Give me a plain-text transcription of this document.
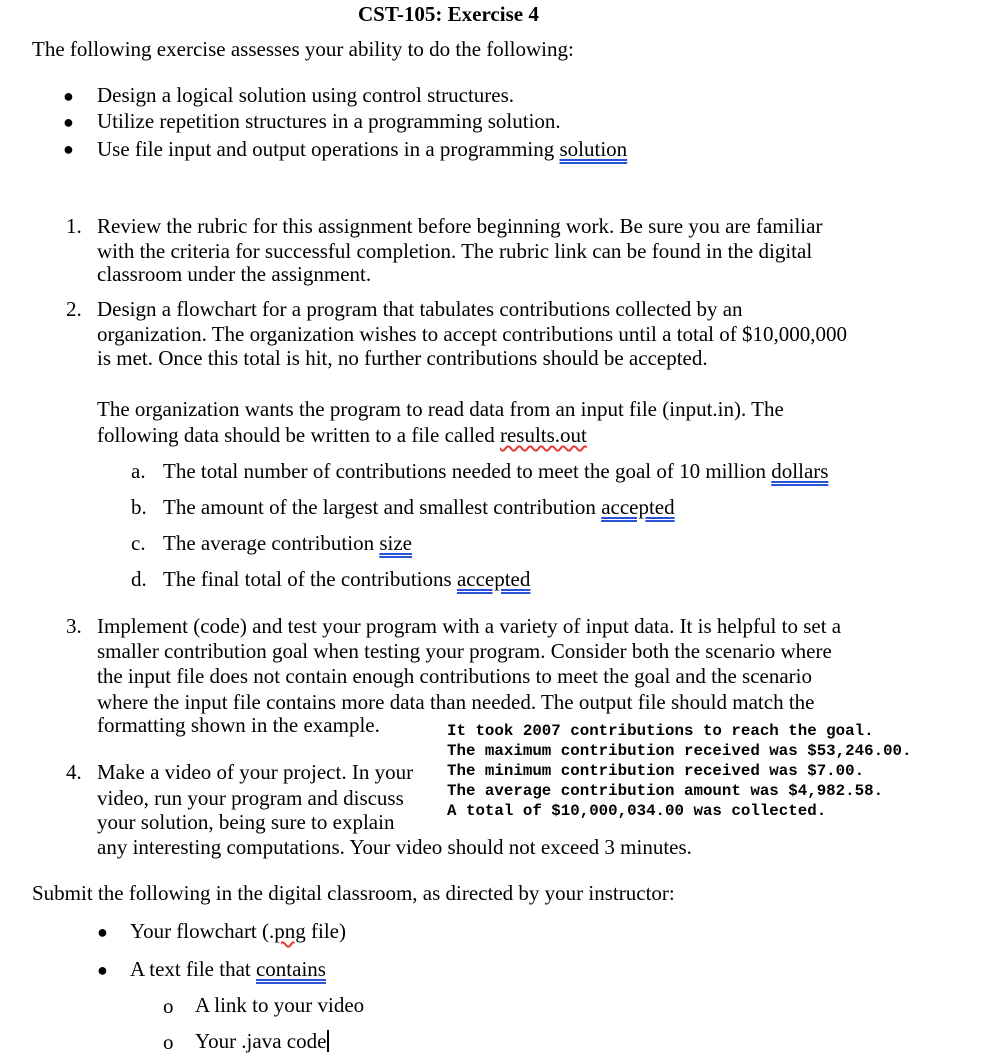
CST-105: Exercise 4
The following exercise assesses your ability to do the following:
● Design a logical solution using control structures.
● Utilize repetition structures in a programming solution.
● Use file input and output operations in a programming solution
1. Review the rubric for this assignment before beginning work. Be sure you are familiar
with the criteria for successful completion. The rubric link can be found in the digital
classroom under the assignment.
2. Design a flowchart for a program that tabulates contributions collected by an
organization. The organization wishes to accept contributions until a total of $10,000,000
is met. Once this total is hit, no further contributions should be accepted.
The organization wants the program to read data from an input file (input.in). The
following data should be written to a file called results.out
a. The total number of contributions needed to meet the goal of 10 million dollars
b. The amount of the largest and smallest contribution accepted
c. The average contribution size
d. The final total of the contributions accepted
3. Implement (code) and test your program with a variety of input data. It is helpful to set a
smaller contribution goal when testing your program. Consider both the scenario where
the input file does not contain enough contributions to meet the goal and the scenario
where the input file contains more data than needed. The output file should match the
formatting shown in the example.	It took 2007 contributions to reach the goal.
The maximum contribution received was $53,246.00.
The minimum contribution received was $7.00.
The average contribution amount was $4,982.58.
A total of $10,000,034.00 was collected.
4. Make a video of your project. In your
video, run your program and discuss
your solution, being sure to explain
any interesting computations. Your video should not exceed 3 minutes.
Submit the following in the digital classroom, as directed by your instructor:
● Your flowchart (.png file)
● A text file that contains
o A link to your video
o Your .java code
